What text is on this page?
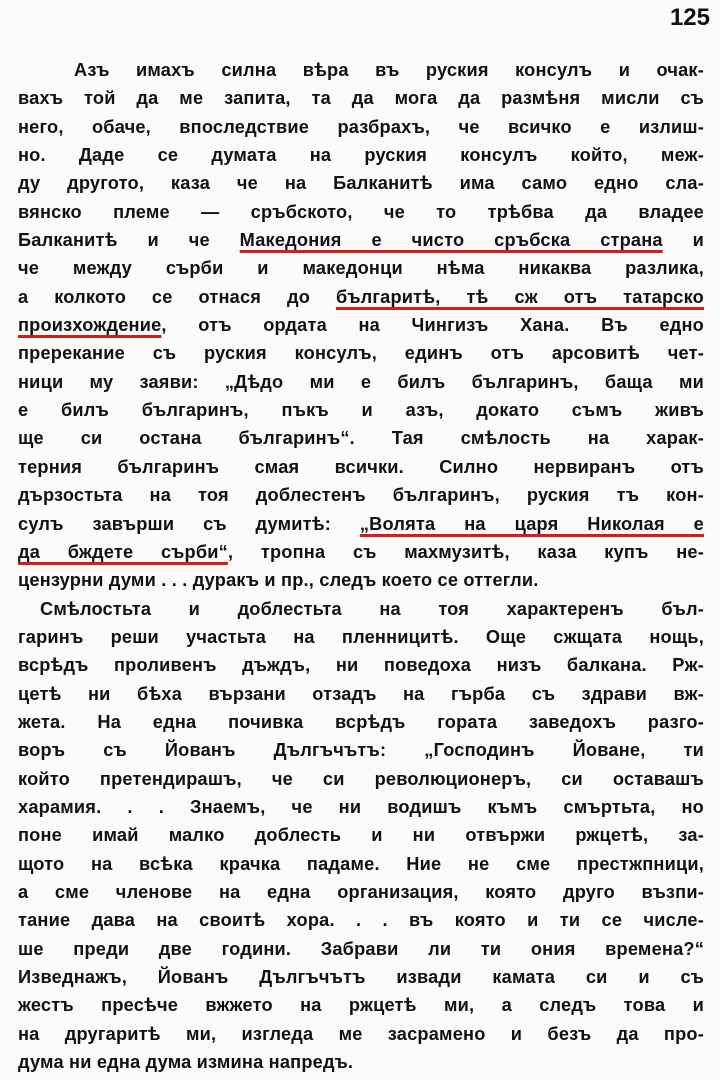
125
Азъ имахъ силна вѣра въ руския консулъ и очак-
вахъ той да ме запита, та да мога да размѣня мисли съ
него, обаче, впоследствие разбрахъ, че всичко е излиш-
но. Даде се думата на руския консулъ който, меж-
ду другото, каза че на Балканитѣ има само едно сла-
вянско племе — сръбското, че то трѣбва да владее
Балканитѣ и че Македония е чисто сръбска страна и
че между сърби и македонци нѣма никаква разлика,
а колкото се отнася до българитѣ, тѣ сж отъ татарско
произхождение, отъ ордата на Чингизъ Хана. Въ едно
пререкание съ руския консулъ, единъ отъ арсовитѣ чет-
ници му заяви: „Дѣдо ми е билъ българинъ, баща ми
е билъ българинъ, пъкъ и азъ, докато съмъ живъ
ще си остана българинъ“. Тая смѣлость на харак-
терния българинъ смая всички. Силно нервиранъ отъ
дързостьта на тоя доблестенъ българинъ, руския тъ кон-
сулъ завърши съ думитѣ: „Волята на царя Николая е
да бждете сърби“, тропна съ махмузитѣ, каза купъ не-
цензурни думи . . . дуракъ и пр., следъ което се оттегли.
Смѣлостьта и доблестьта на тоя характеренъ бъл-
гаринъ реши участьта на пленницитѣ. Още сжщата нощь,
всрѣдъ проливенъ дъждъ, ни поведоха низъ балкана. Рж-
цетѣ ни бѣха вързани отзадъ на гърба съ здрави вж-
жета. На една почивка всрѣдъ гората заведохъ разго-
воръ съ Йованъ Дългъчътъ: „Господинъ Йоване, ти
който претендирашъ, че си революционеръ, си оставашъ
харамия. . . Знаемъ, че ни водишъ къмъ смъртьта, но
поне имай малко доблесть и ни отвържи ржцетѣ, за-
щото на всѣка крачка падаме. Ние не сме престжпници,
а сме членове на една организация, която друго възпи-
тание дава на своитѣ хора. . . въ която и ти се числе-
ше преди две години. Забрави ли ти ония времена?“
Изведнажъ, Йованъ Дългъчътъ извади камата си и съ
жестъ пресѣче вжжето на ржцетѣ ми, а следъ това и
на другаритѣ ми, изгледа ме засрамено и безъ да про-
дума ни една дума измина напредъ.
